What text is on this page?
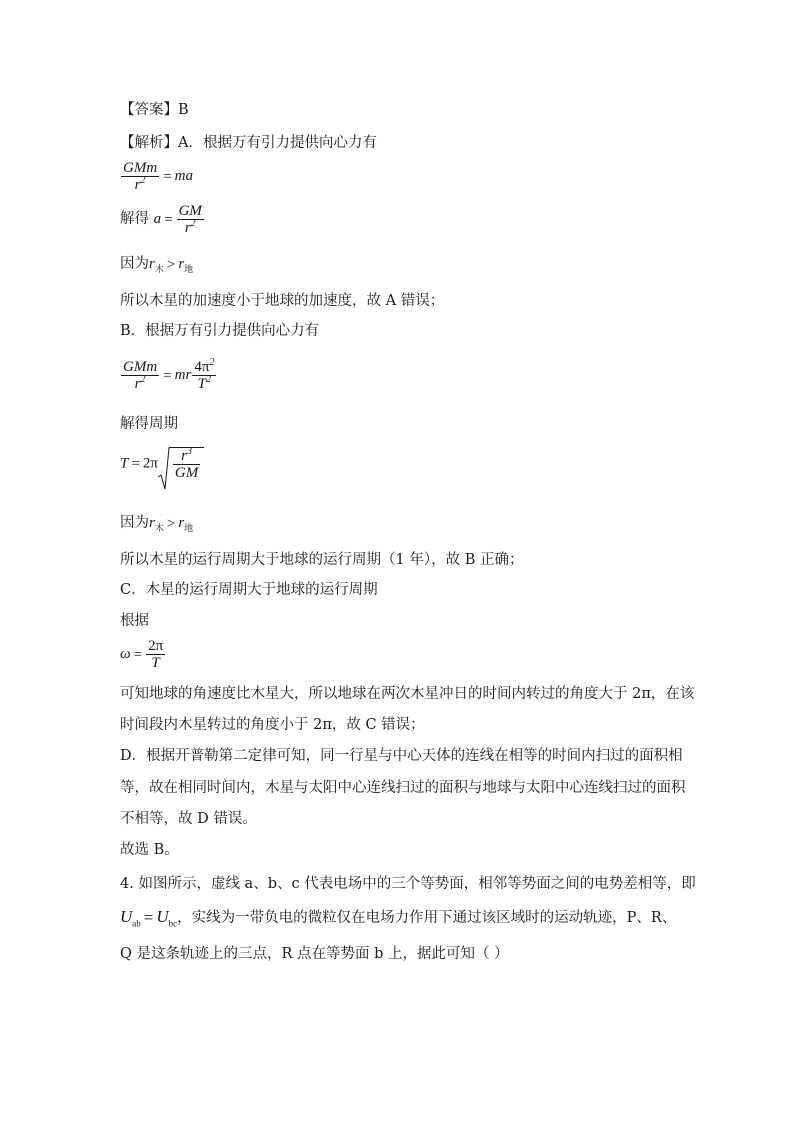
【答案】B
【解析】A．根据万有引力提供向心力有
$\frac{\text{GMm}}{r^2}$ = ma
解得 $a = \frac{GM}{r^2}$
因为$r_木 > r_地$
所以木星的加速度小于地球的加速度，故 A 错误；
B．根据万有引力提供向心力有
$\frac{\text{GMm}}{r^2}$ = mr $\frac{4\pi^2}{T^2}$
解得周期
$T = 2\pi \frac{r^3}{GM}$
因为$r_木 > r_地$
所以木星的运行周期大于地球的运行周期（1 年），故 B 正确；
C．木星的运行周期大于地球的运行周期
根据
$\omega = \frac{2\pi}{T}$
可知地球的角速度比木星大，所以地球在两次木星冲日的时间内转过的角度大于 2π，在该
时间段内木星转过的角度小于 2π，故 C 错误；
D．根据开普勒第二定律可知，同一行星与中心天体的连线在相等的时间内扫过的面积相
等，故在相同时间内，木星与太阳中心连线扫过的面积与地球与太阳中心连线扫过的面积
不相等，故 D 错误。
故选 B。
4. 如图所示，虚线 a、b、c 代表电场中的三个等势面，相邻等势面之间的电势差相等，即
$U_{ab} = U_{bc}$，实线为一带负电的微粒仅在电场力作用下通过该区域时的运动轨迹，P、R、
Q 是这条轨迹上的三点，R 点在等势面 b 上，据此可知（ ）
